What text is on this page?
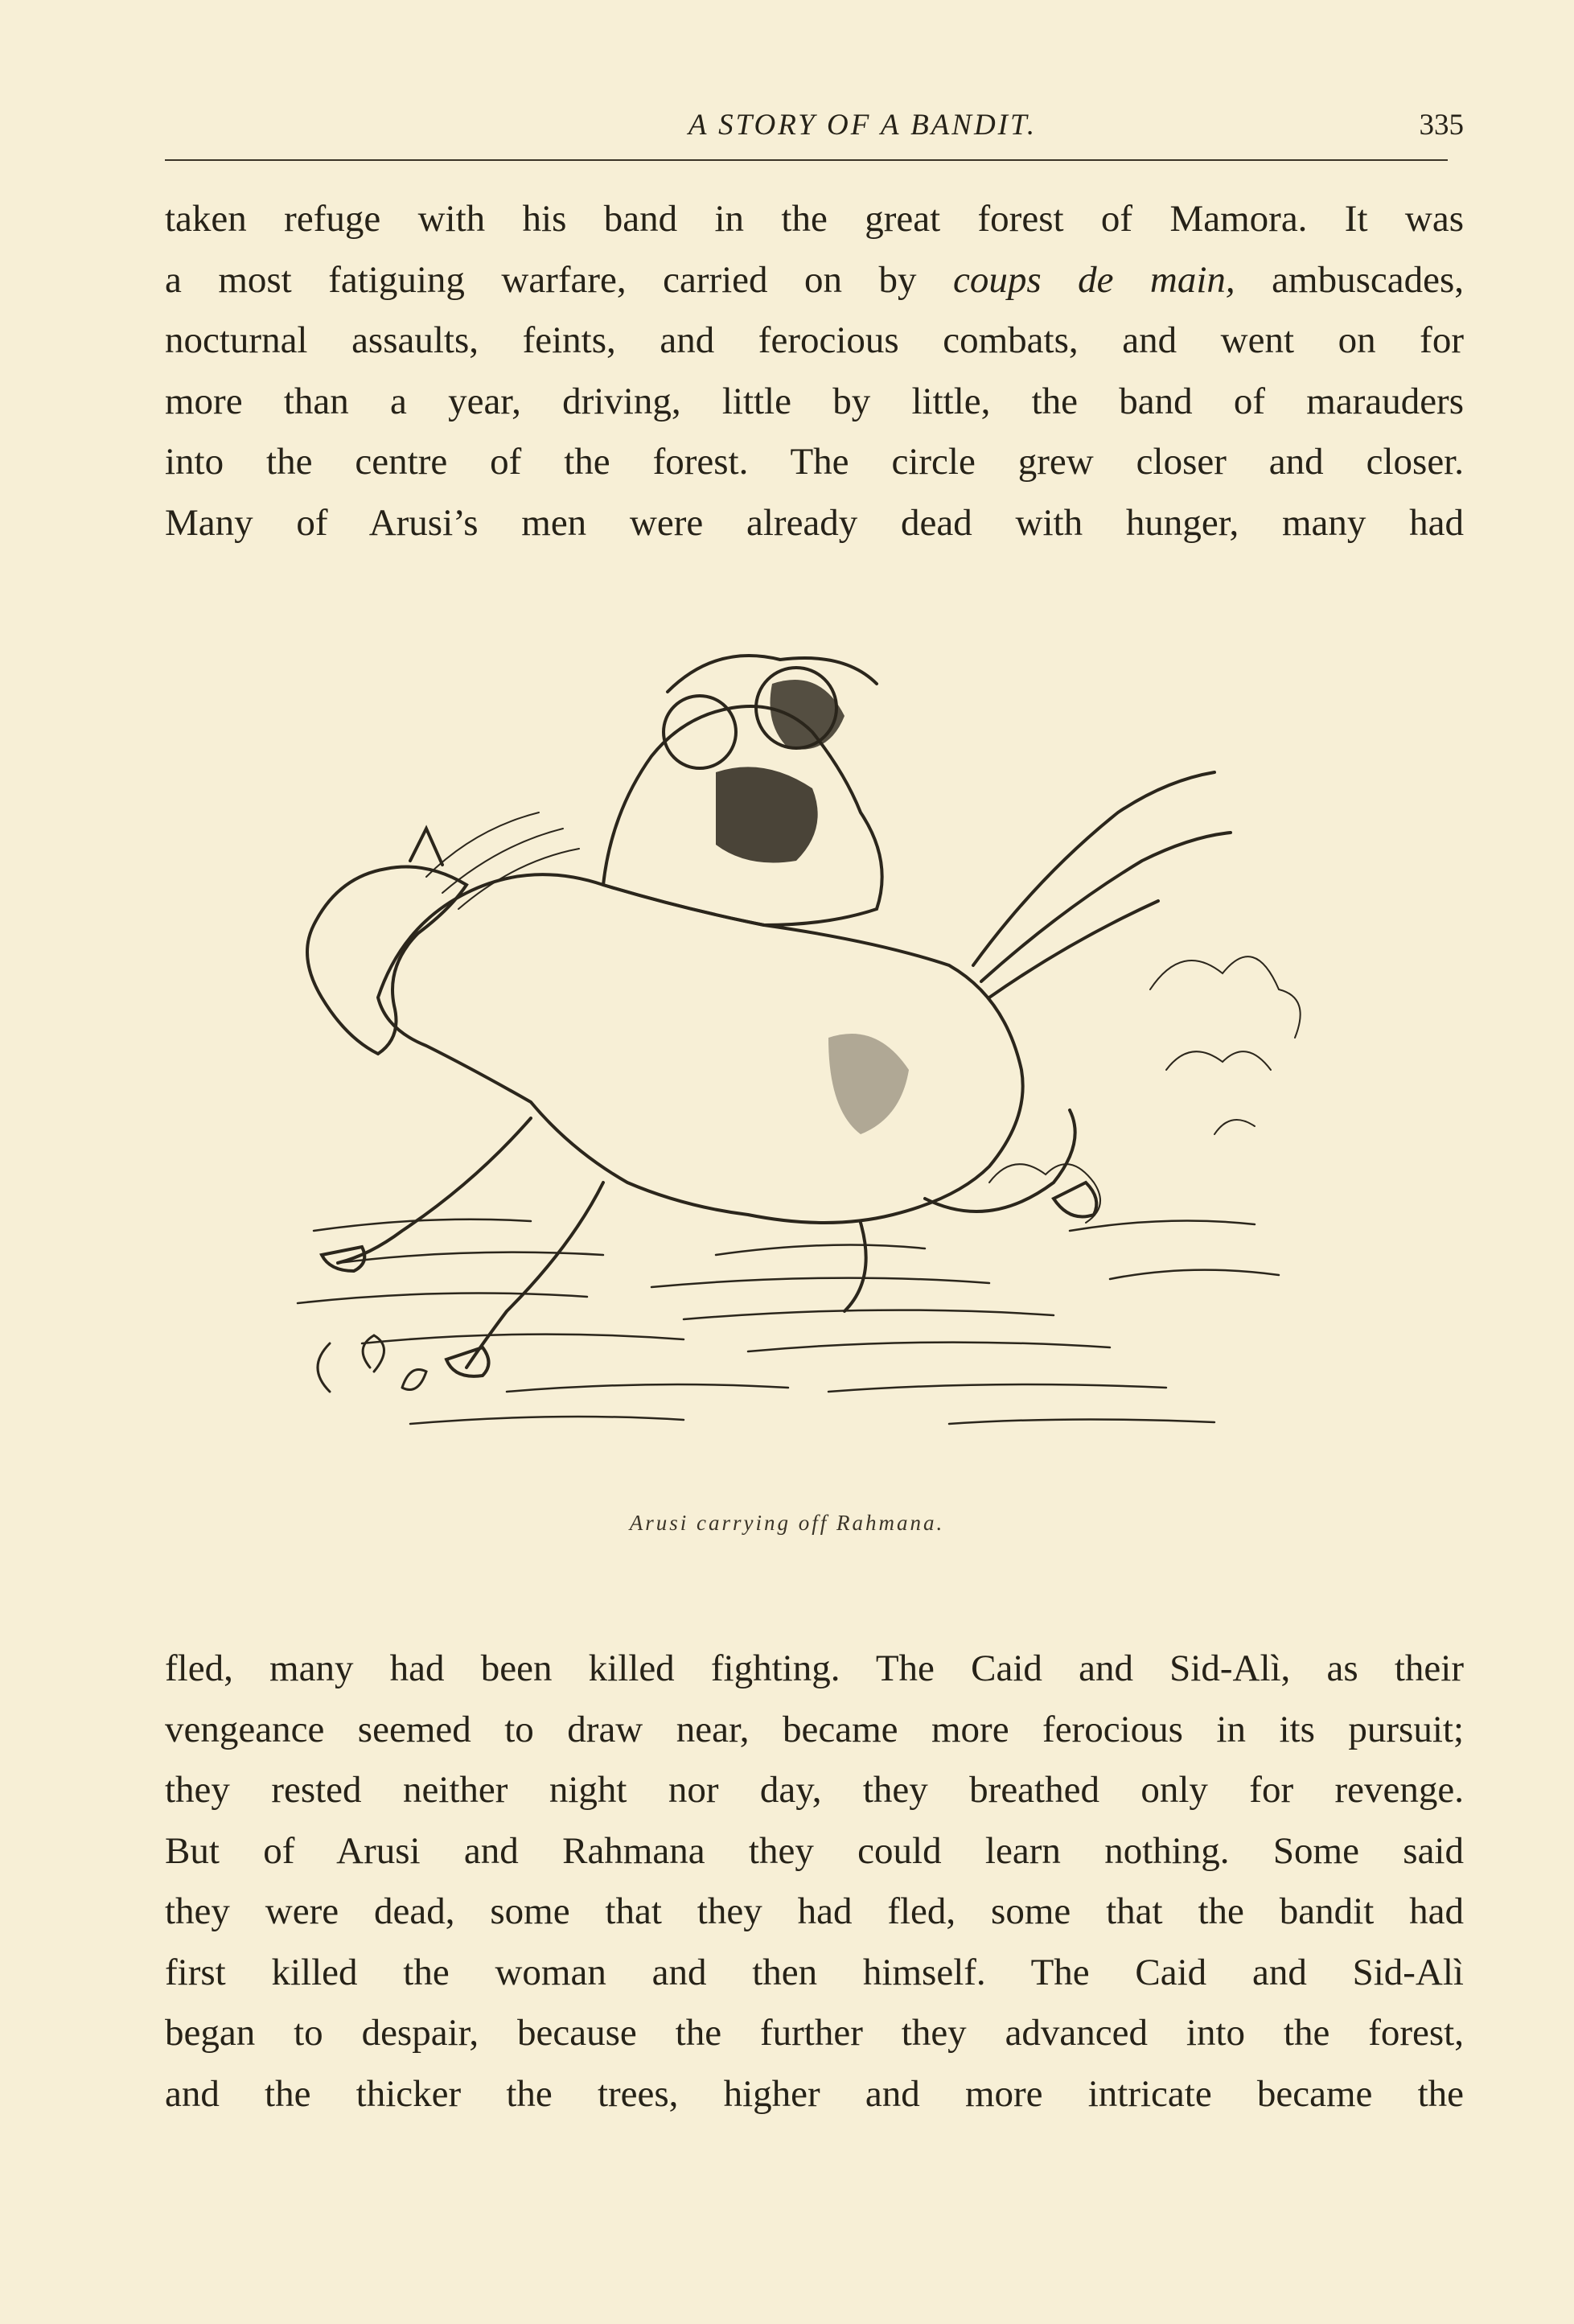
A STORY OF A BANDIT.	335
taken refuge with his band in the great forest of Mamora. It was
a most fatiguing warfare, carried on by coups de main, ambuscades,
nocturnal assaults, feints, and ferocious combats, and went on for
more than a year, driving, little by little, the band of marauders
into the centre of the forest. The circle grew closer and closer.
Many of Arusi’s men were already dead with hunger, many had
Arusi carrying off Rahmana.
fled, many had been killed fighting. The Caid and Sid-Alì, as their
vengeance seemed to draw near, became more ferocious in its pursuit;
they rested neither night nor day, they breathed only for revenge.
But of Arusi and Rahmana they could learn nothing. Some said
they were dead, some that they had fled, some that the bandit had
first killed the woman and then himself. The Caid and Sid-Alì
began to despair, because the further they advanced into the forest,
and the thicker the trees, higher and more intricate became the
